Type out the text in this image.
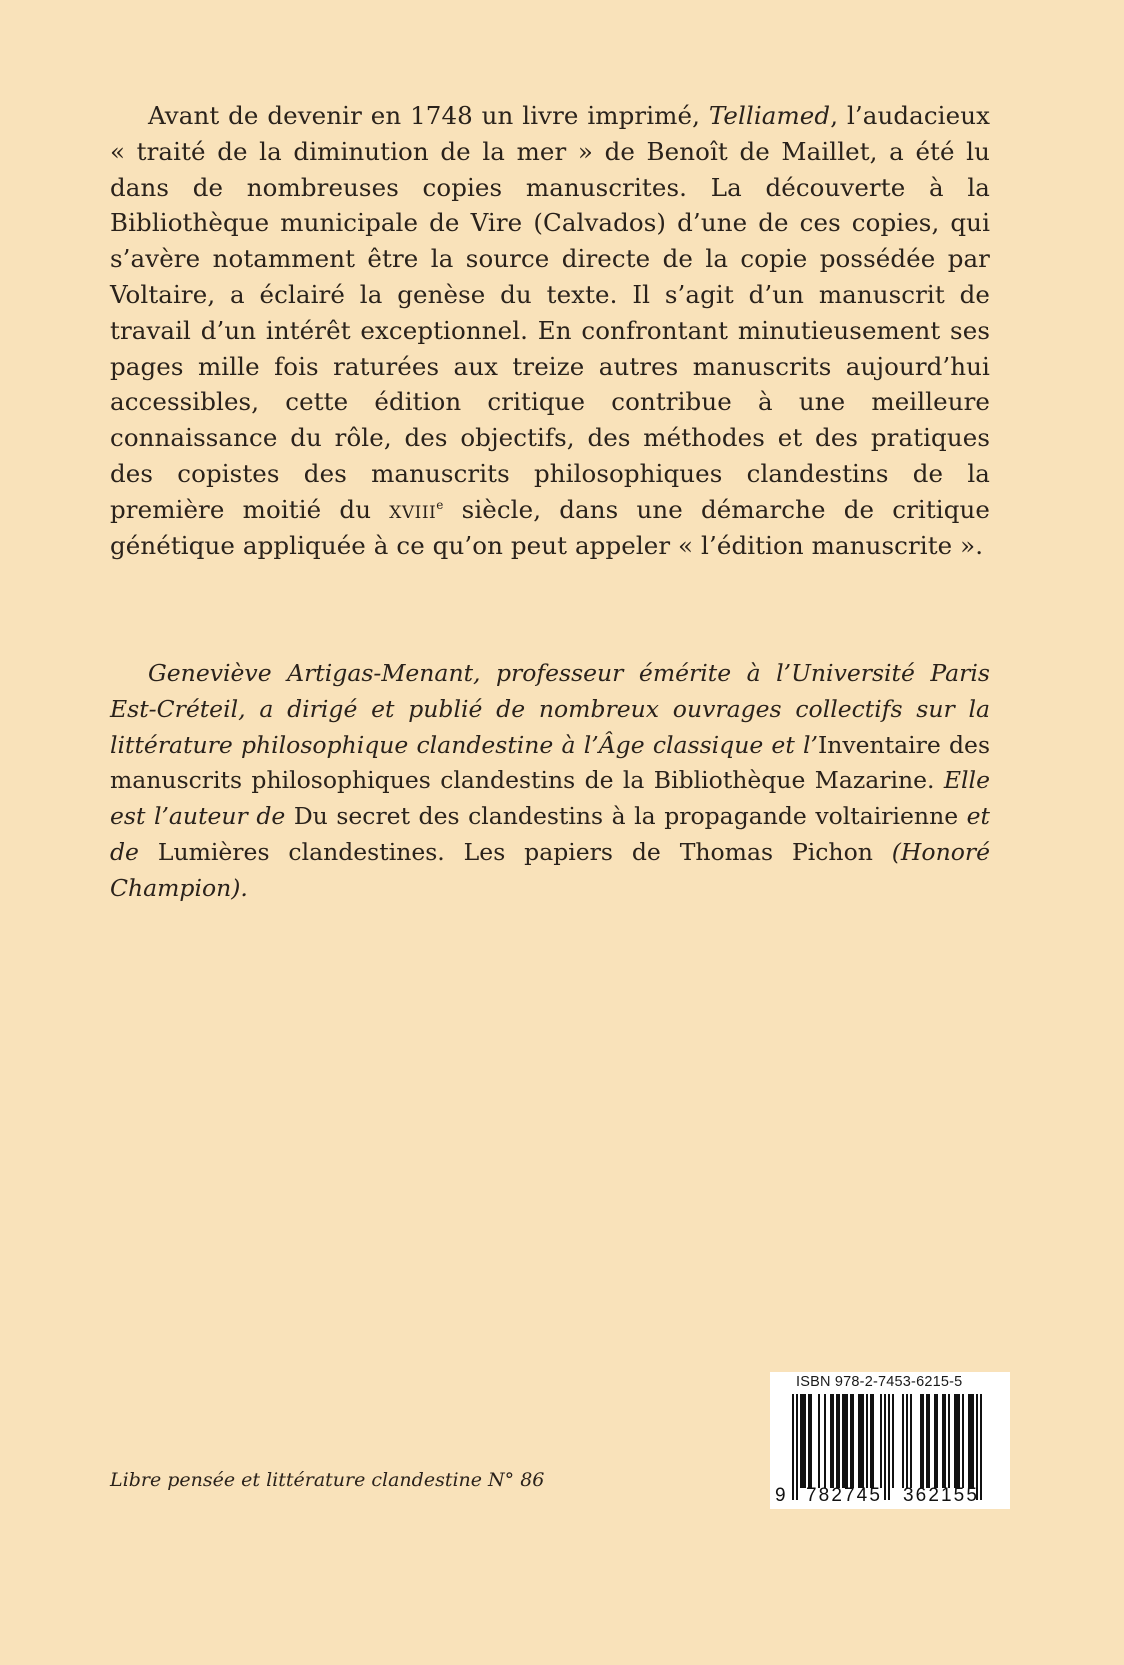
Avant de devenir en 1748 un livre imprimé, Telliamed, l’audacieux « traité de la diminution de la mer » de Benoît de Maillet, a été lu dans de nombreuses copies manuscrites. La découverte à la Bibliothèque municipale de Vire (Calvados) d’une de ces copies, qui s’avère notamment être la source directe de la copie possédée par Voltaire, a éclairé la genèse du texte. Il s’agit d’un manuscrit de travail d’un intérêt exceptionnel. En confrontant minutieusement ses pages mille fois raturées aux treize autres manuscrits aujourd’hui accessibles, cette édition critique contribue à une meilleure connaissance du rôle, des objectifs, des méthodes et des pratiques des copistes des manuscrits philosophiques clandestins de la première moitié du xviii$^e$ siècle, dans une démarche de critique génétique appliquée à ce qu’on peut appeler « l’édition manuscrite ».

Geneviève Artigas-Menant, professeur émérite à l’Université Paris Est-Créteil, a dirigé et publié de nombreux ouvrages collectifs sur la littérature philosophique clandestine à l’Âge classique et l’Inventaire des manuscrits philosophiques clandestins de la Bibliothèque Mazarine. Elle est l’auteur de Du secret des clandestins à la propagande voltairienne et de Lumières clandestines. Les papiers de Thomas Pichon (Honoré Champion).

Libre pensée et littérature clandestine N° 86
ISBN 978-2-7453-6215-5
9	782745	362155
